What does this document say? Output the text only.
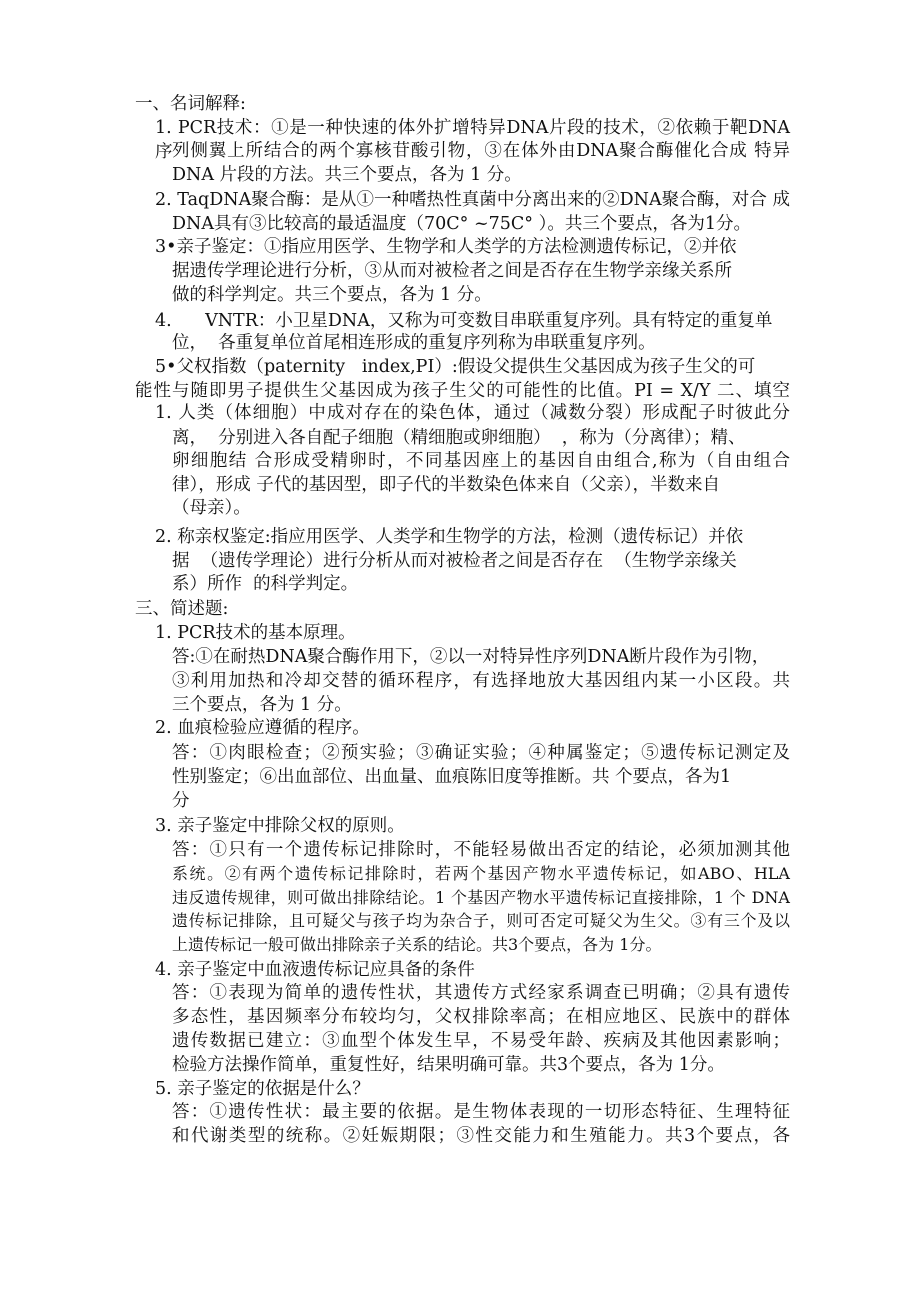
一、名词解释:
1. PCR技术：①是一种快速的体外扩增特异DNA片段的技术，②依赖于靶DNA 序 列侧翼上所结合的两个寡核苷酸引物，③在体外由DNA聚合酶催化合成 特异
DNA 片段的方法。共三个要点，各为 1 分。
2. TaqDNA聚合酶：是从①一种嗜热性真菌中分离出来的②DNA聚合酶，对合 成
DNA具有③比较高的最适温度（70C° ~75C° ）。共三个要点，各为1分。
3•亲子鉴定：①指应用医学、生物学和人类学的方法检测遗传标记，②并依
据遗传学理论进行分析，③从而对被检者之间是否存在生物学亲缘关系所
做的科学判定。共三个要点，各为 1 分。
4.      VNTR：小卫星DNA，又称为可变数目串联重复序列。具有特定的重复单
位，  各重复单位首尾相连形成的重复序列称为串联重复序列。
5•父权指数（paternity   index,PI）:假设父提供生父基因成为孩子生父的可
能性与随即男子提供生父基因成为孩子生父的可能性的比值。PI = X/Y 二、填空
1. 人类（体细胞）中成对存在的染色体，通过（减数分裂）形成配子时彼此分
离，  分别进入各自配子细胞（精细胞或卵细胞）  ，称为（分离律）；精、
卵细胞结 合形成受精卵时，不同基因座上的基因自由组合,称为（自由组合
律），形成 子代的基因型，即子代的半数染色体来自（父亲），半数来自
（母亲）。
2. 称亲权鉴定:指应用医学、人类学和生物学的方法，检测（遗传标记）并依
据  （遗传学理论）进行分析从而对被检者之间是否存在  （生物学亲缘关
系）所作  的科学判定。
三、简述题:
1. PCR技术的基本原理。
答:①在耐热DNA聚合酶作用下，②以一对特异性序列DNA断片段作为引物，
③利用加热和冷却交替的循环程序，有选择地放大基因组内某一小区段。共
三个要点，各为 1 分。
2. 血痕检验应遵循的程序。
答：①肉眼检查；②预实验；③确证实验；④种属鉴定；⑤遗传标记测定及
性别鉴定；⑥出血部位、出血量、血痕陈旧度等推断。共 个要点，各为1
分
3. 亲子鉴定中排除父权的原则。
答：①只有一个遗传标记排除时，不能轻易做出否定的结论，必须加测其他
系统。②有两个遗传标记排除时，若两个基因产物水平遗传标记，如ABO、HLA
违反遗传规律，则可做出排除结论。1 个基因产物水平遗传标记直接排除，1 个 DNA
遗传标记排除，且可疑父与孩子均为杂合子，则可否定可疑父为生父。③有三个及以
上遗传标记一般可做出排除亲子关系的结论。共3个要点，各为 1分。
4. 亲子鉴定中血液遗传标记应具备的条件
答：①表现为简单的遗传性状，其遗传方式经家系调查已明确；②具有遗传
多态性，基因频率分布较均匀，父权排除率高；在相应地区、民族中的群体
遗传数据已建立：③血型个体发生早，不易受年龄、疾病及其他因素影响；
检验方法操作简单，重复性好，结果明确可靠。共3个要点，各为 1分。
5. 亲子鉴定的依据是什么？
答：①遗传性状：最主要的依据。是生物体表现的一切形态特征、生理特征
和代谢类型的统称。②妊娠期限；③性交能力和生殖能力。共3个要点，各
